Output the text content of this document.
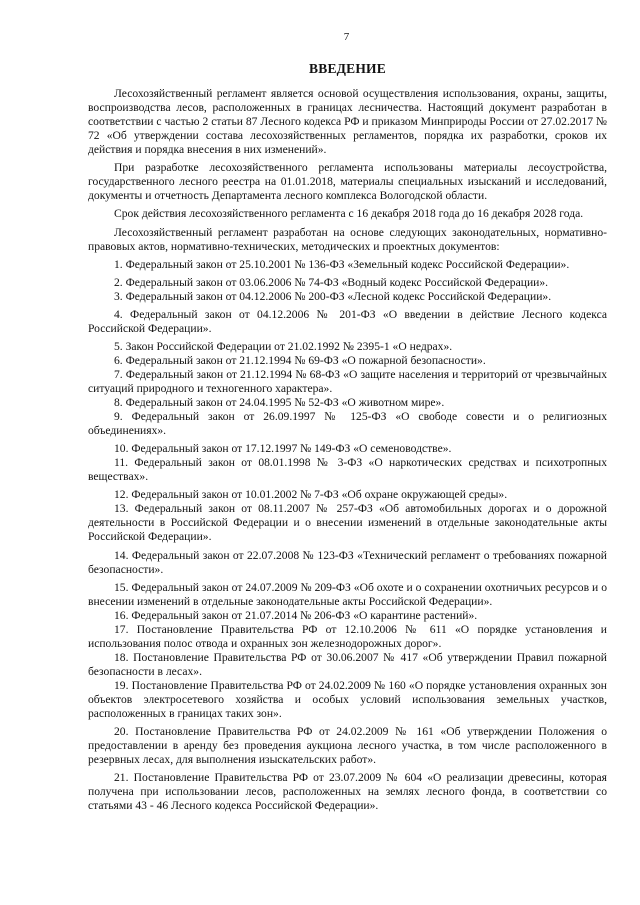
7
ВВЕДЕНИЕ

Лесохозяйственный регламент является основой осуществления использования, охраны, защиты, воспроизводства лесов, расположенных в границах лесничества. Настоящий документ разработан в соответствии с частью 2 статьи 87 Лесного кодекса РФ и приказом Минприроды России от 27.02.2017 № 72 «Об утверждении состава лесохозяйственных регламентов, порядка их разработки, сроков их действия и порядка внесения в них изменений».

При разработке лесохозяйственного регламента использованы материалы лесоустройства, государственного лесного реестра на 01.01.2018, материалы специальных изысканий и исследований, документы и отчетность Департамента лесного комплекса Вологодской области.

Срок действия лесохозяйственного регламента с 16 декабря 2018 года до 16 декабря 2028 года.

Лесохозяйственный регламент разработан на основе следующих законодательных, нормативно-правовых актов, нормативно-технических, методических и проектных документов:

1. Федеральный закон от 25.10.2001 № 136-ФЗ «Земельный кодекс Российской Федерации».

2. Федеральный закон от 03.06.2006 № 74-ФЗ «Водный кодекс Российской Федерации».

3. Федеральный закон от 04.12.2006 № 200-ФЗ «Лесной кодекс Российской Федерации».

4. Федеральный закон от 04.12.2006 № 201-ФЗ «О введении в действие Лесного кодекса Российской Федерации».

5. Закон Российской Федерации от 21.02.1992 № 2395-1 «О недрах».

6. Федеральный закон от 21.12.1994 № 69-ФЗ «О пожарной безопасности».

7. Федеральный закон от 21.12.1994 № 68-ФЗ «О защите населения и территорий от чрезвычайных ситуаций природного и техногенного характера».

8. Федеральный закон от 24.04.1995 № 52-ФЗ «О животном мире».

9. Федеральный закон от 26.09.1997 № 125-ФЗ «О свободе совести и о религиозных объединениях».

10. Федеральный закон от 17.12.1997 № 149-ФЗ «О семеноводстве».

11. Федеральный закон от 08.01.1998 № 3-ФЗ «О наркотических средствах и психотропных веществах».

12. Федеральный закон от 10.01.2002 № 7-ФЗ «Об охране окружающей среды».

13. Федеральный закон от 08.11.2007 № 257-ФЗ «Об автомобильных дорогах и о дорожной деятельности в Российской Федерации и о внесении изменений в отдельные законодательные акты Российской Федерации».

14. Федеральный закон от 22.07.2008 № 123-ФЗ «Технический регламент о требованиях пожарной безопасности».

15. Федеральный закон от 24.07.2009 № 209-ФЗ «Об охоте и о сохранении охотничьих ресурсов и о внесении изменений в отдельные законодательные акты Российской Федерации».

16. Федеральный закон от 21.07.2014 № 206-ФЗ «О карантине растений».

17. Постановление Правительства РФ от 12.10.2006 № 611 «О порядке установления и использования полос отвода и охранных зон железнодорожных дорог».

18. Постановление Правительства РФ от 30.06.2007 № 417 «Об утверждении Правил пожарной безопасности в лесах».

19. Постановление Правительства РФ от 24.02.2009 № 160 «О порядке установления охранных зон объектов электросетевого хозяйства и особых условий использования земельных участков, расположенных в границах таких зон».

20. Постановление Правительства РФ от 24.02.2009 № 161 «Об утверждении Положения о предоставлении в аренду без проведения аукциона лесного участка, в том числе расположенного в резервных лесах, для выполнения изыскательских работ».

21. Постановление Правительства РФ от 23.07.2009 № 604 «О реализации древесины, которая получена при использовании лесов, расположенных на землях лесного фонда, в соответствии со статьями 43 - 46 Лесного кодекса Российской Федерации».
